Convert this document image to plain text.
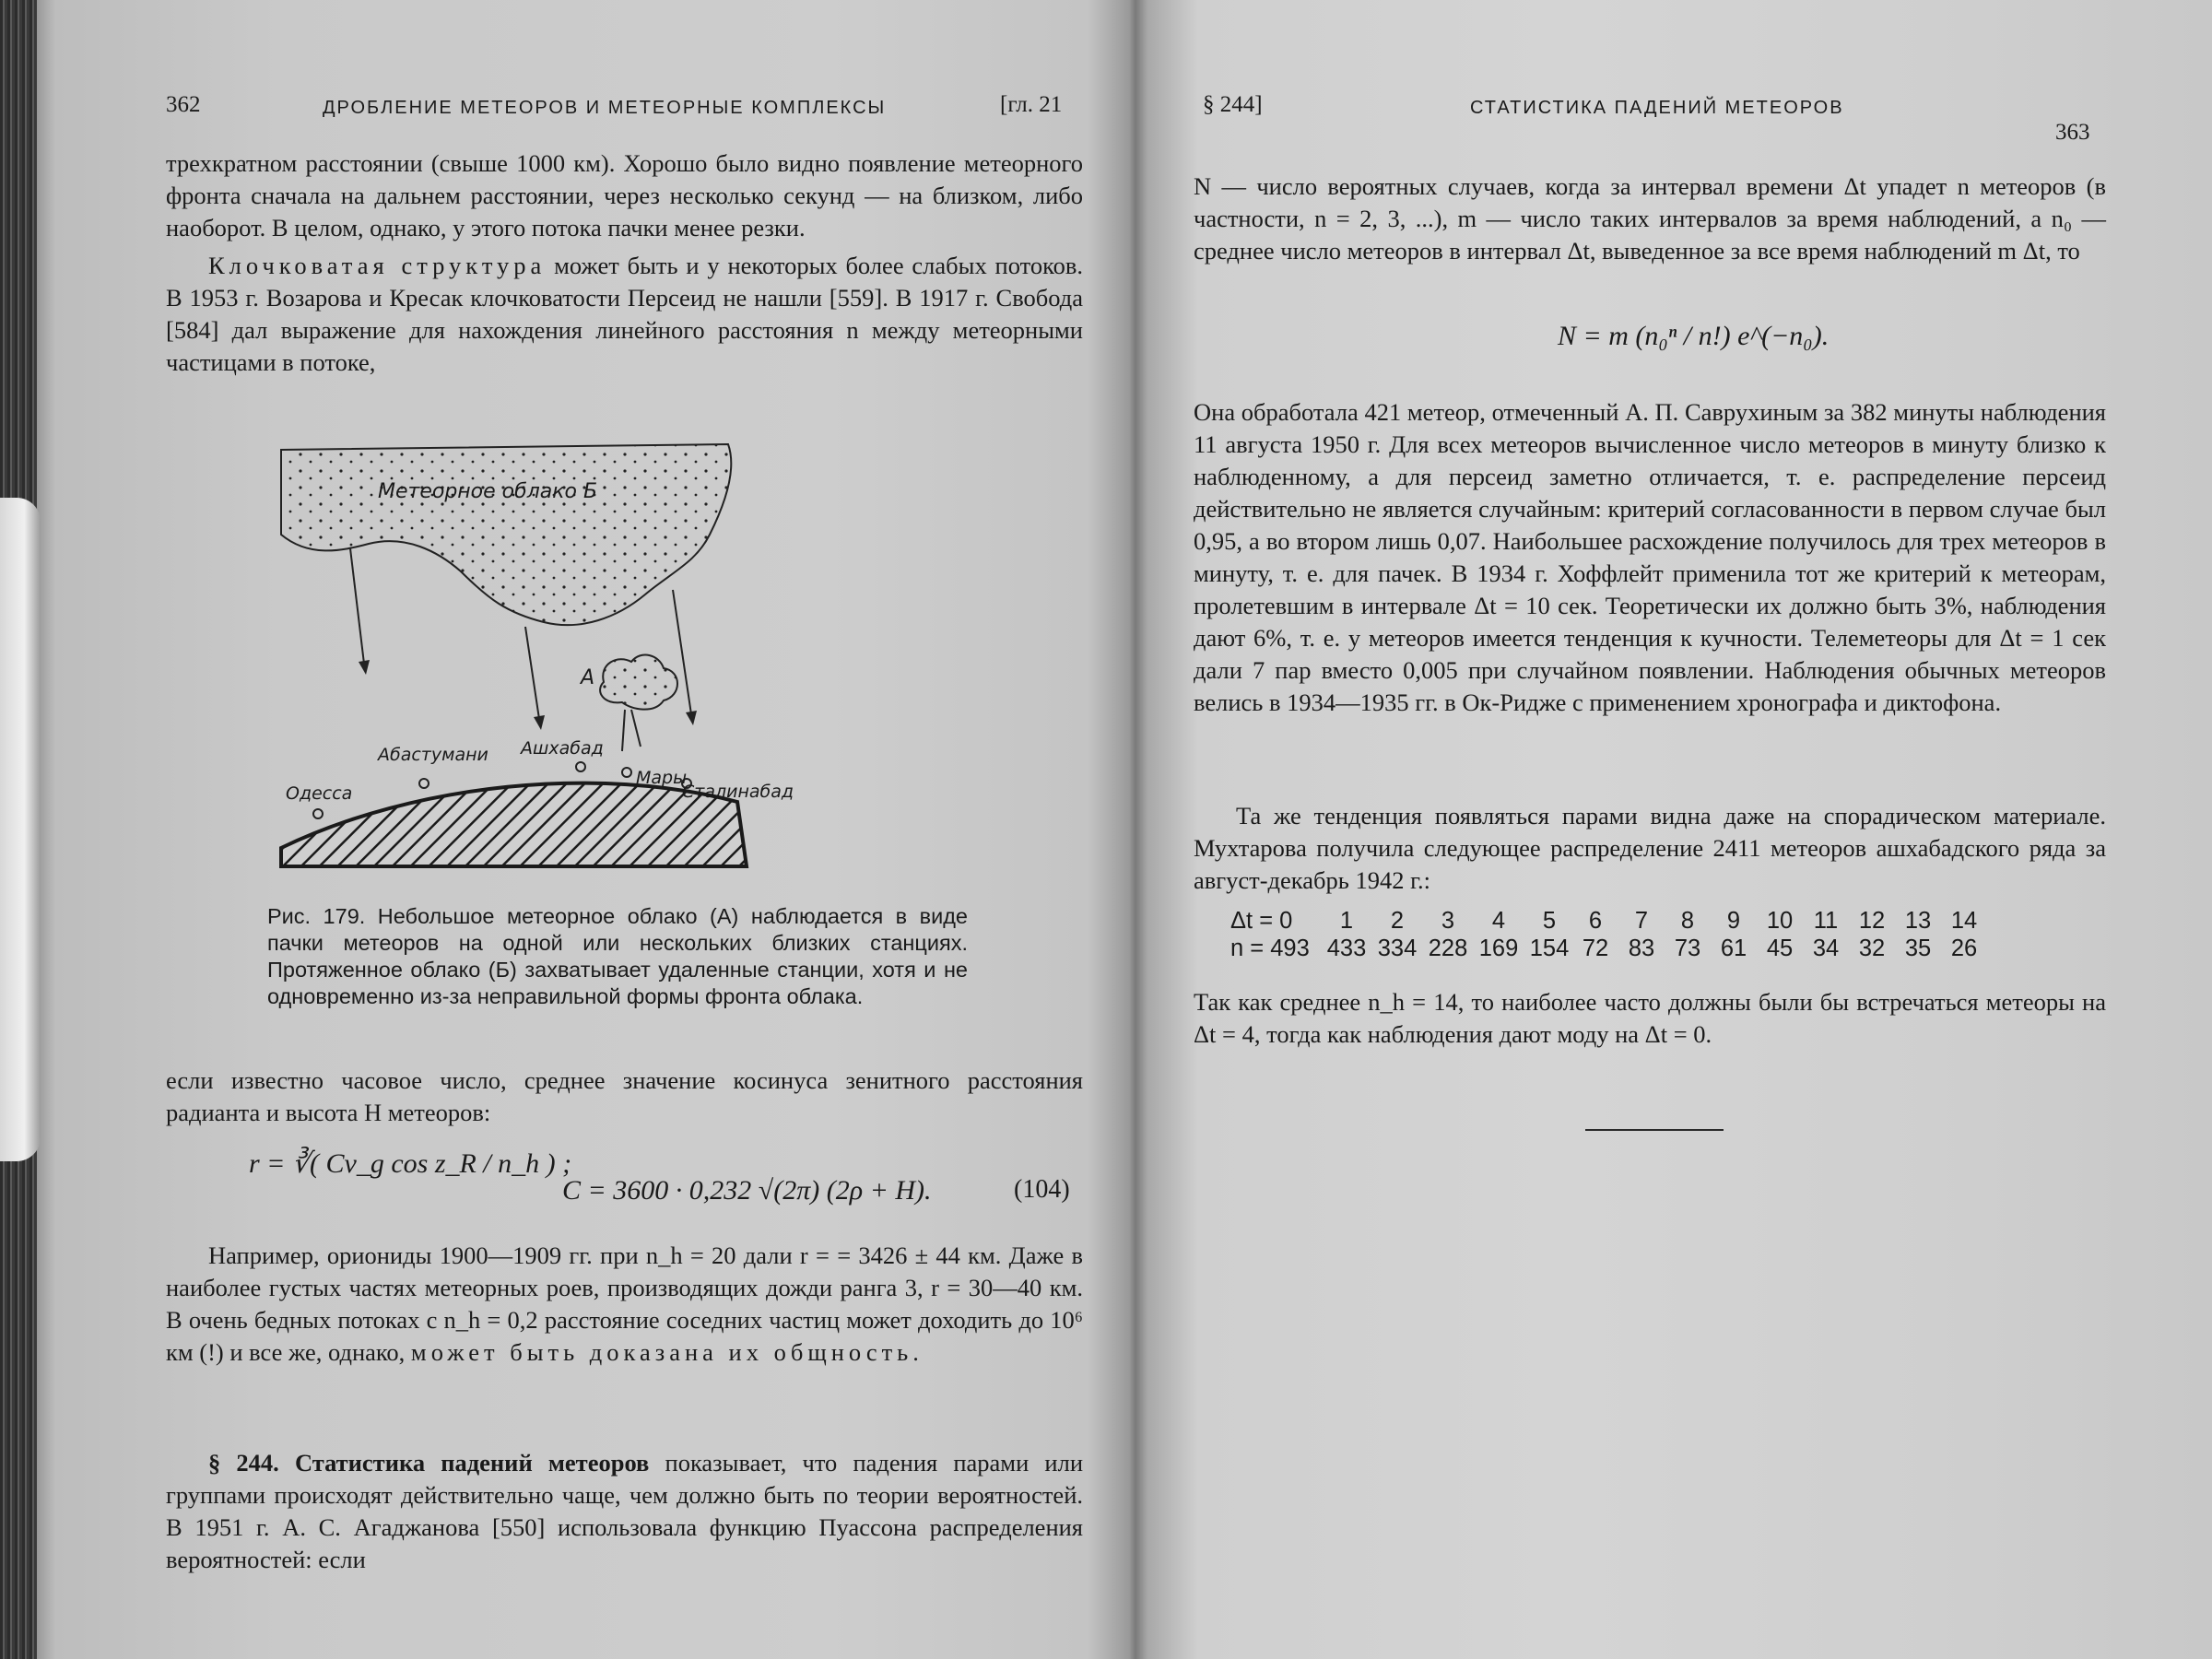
362	ДРОБЛЕНИЕ МЕТЕОРОВ И МЕТЕОРНЫЕ КОМПЛЕКСЫ	[гл. 21

трехкратном расстоянии (свыше 1000 км). Хорошо было видно появление метеорного фронта сначала на дальнем расстоянии, через несколько секунд — на близком, либо наоборот. В целом, однако, у этого потока пачки менее резки.

Клочковатая структура может быть и у некоторых более слабых потоков. В 1953 г. Возарова и Кресак клочковатости Персеид не нашли [559]. В 1917 г. Свобода [584] дал выражение для нахождения линейного расстояния n между метеорными частицами в потоке,

Метеорное облако Б
А
Одесса
Абастумани Ашхабад
Мары
Сталинабад
Рис. 179. Небольшое метеорное облако (А) наблюдается в виде пачки метеоров на одной или нескольких близких станциях. Протяженное облако (Б) захватывает удаленные станции, хотя и не одновременно из-за неправильной формы фронта облака.
если известно часовое число, среднее значение косинуса зенитного расстояния радианта и высота H метеоров:
r = ∛( Cv_g cos z_R / n_h ) ;
C = 3600 · 0,232 √(2π) (2ρ + H).	(104)

Например, ориониды 1900—1909 гг. при n_h = 20 дали r = = 3426 ± 44 км. Даже в наиболее густых частях метеорных роев, производящих дожди ранга 3, r = 30—40 км. В очень бедных потоках с n_h = 0,2 расстояние соседних частиц может доходить до 10⁶ км (!) и все же, однако, может быть доказана их общность.

§ 244. Статистика падений метеоров показывает, что падения парами или группами происходят действительно чаще, чем должно быть по теории вероятностей. В 1951 г. А. С. Агаджанова [550] использовала функцию Пуассона распределения вероятностей: если

§ 244]	СТАТИСТИКА ПАДЕНИЙ МЕТЕОРОВ
363
N — число вероятных случаев, когда за интервал времени Δt упадет n метеоров (в частности, n = 2, 3, ...), m — число таких интервалов за время наблюдений, а n₀ — среднее число метеоров в интервал Δt, выведенное за все время наблюдений m Δt, то
N = m (n₀ⁿ / n!) e^(−n₀).
Она обработала 421 метеор, отмеченный А. П. Саврухиным за 382 минуты наблюдения 11 августа 1950 г. Для всех метеоров вычисленное число метеоров в минуту близко к наблюденному, а для персеид заметно отличается, т. е. распределение персеид действительно не является случайным: критерий согласованности в первом случае был 0,95, а во втором лишь 0,07. Наибольшее расхождение получилось для трех метеоров в минуту, т. е. для пачек. В 1934 г. Хоффлейт применила тот же критерий к метеорам, пролетевшим в интервале Δt = 10 сек. Теоретически их должно быть 3%, наблюдения дают 6%, т. е. у метеоров имеется тенденция к кучности. Телеметеоры для Δt = 1 сек дали 7 пар вместо 0,005 при случайном появлении. Наблюдения обычных метеоров велись в 1934—1935 гг. в Ок-Ридже с применением хронографа и диктофона.

Та же тенденция появляться парами видна даже на спорадическом материале. Мухтарова получила следующее распределение 2411 метеоров ашхабадского ряда за август-декабрь 1942 г.:

Δt = 0	1	2	3	4	5	6	7	8	9	10 11 12 13 14
n = 493 433 334 228 169 154 72 83 73 61 45 34 32 35 26
Так как среднее n_h = 14, то наиболее часто должны были бы встречаться метеоры на Δt = 4, тогда как наблюдения дают моду на Δt = 0.
